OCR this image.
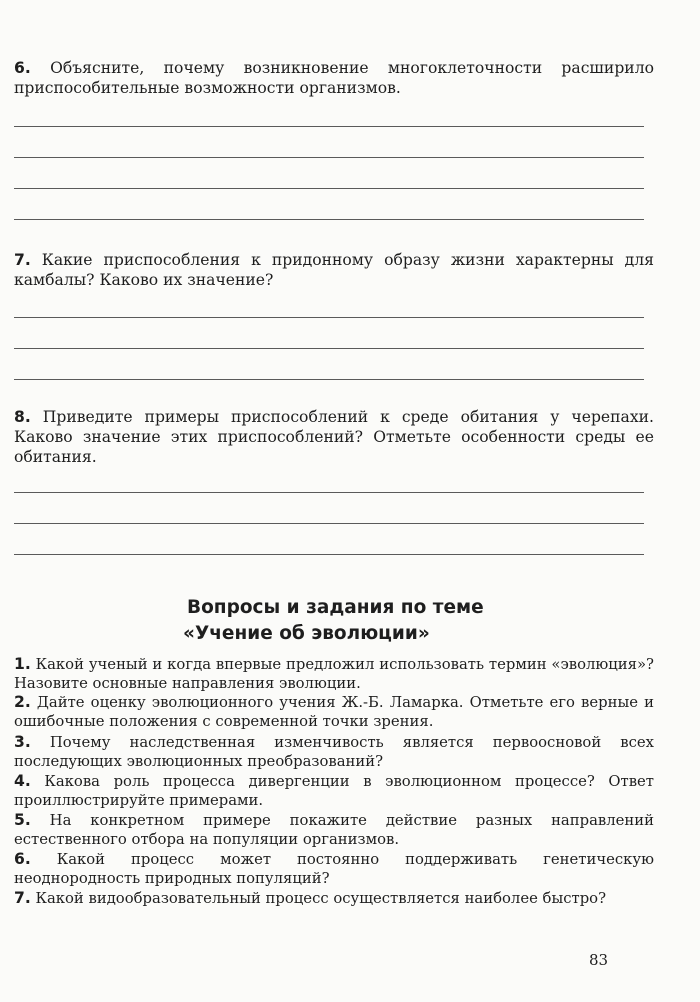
6. Объясните, почему возникновение многоклеточности расширило приспособительные возможности организмов.

7. Какие приспособления к придонному образу жизни характерны для камбалы? Каково их значение?

8. Приведите примеры приспособлений к среде обитания у черепахи. Каково значение этих приспособлений? Отметьте особенности среды ее обитания.

Вопросы и задания по теме

«Учение об эволюции»

1. Какой ученый и когда впервые предложил использовать термин «эволюция»? Назовите основные направления эволюции.

2. Дайте оценку эволюционного учения Ж.-Б. Ламарка. Отметьте его верные и ошибочные положения с современной точки зрения.

3. Почему наследственная изменчивость является первоосновой всех последующих эволюционных преобразований?

4. Какова роль процесса дивергенции в эволюционном процессе? Ответ проиллюстрируйте примерами.

5. На конкретном примере покажите действие разных направлений естественного отбора на популяции организмов.

6. Какой процесс может постоянно поддерживать генетическую неоднородность природных популяций?

7. Какой видообразовательный процесс осуществляется наиболее быстро?

83
